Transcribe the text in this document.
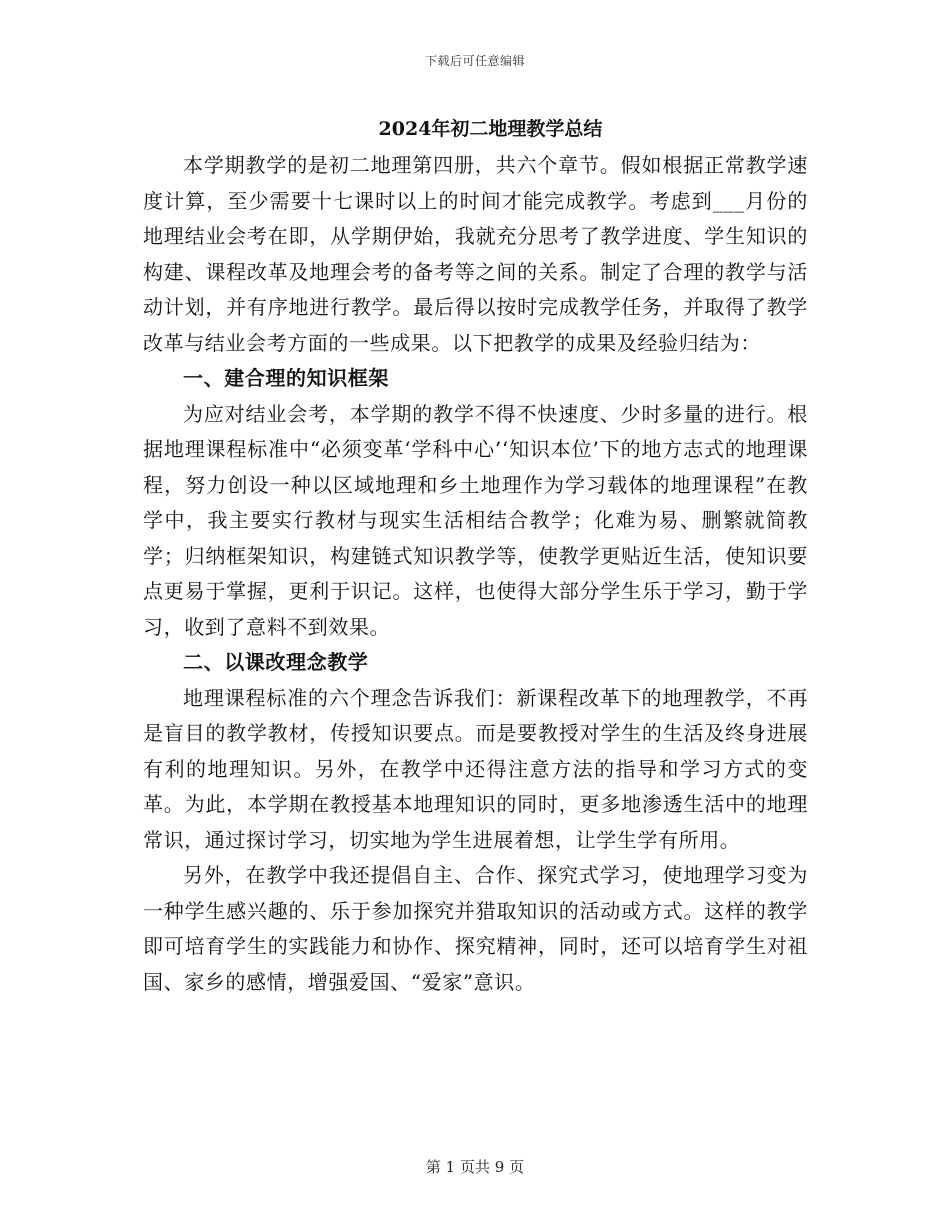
下载后可任意编辑
2024年初二地理教学总结

本学期教学的是初二地理第四册，共六个章节。假如根据正常教学速度计算，至少需要十七课时以上的时间才能完成教学。考虑到___月份的地理结业会考在即，从学期伊始，我就充分思考了教学进度、学生知识的构建、课程改革及地理会考的备考等之间的关系。制定了合理的教学与活动计划，并有序地进行教学。最后得以按时完成教学任务，并取得了教学改革与结业会考方面的一些成果。以下把教学的成果及经验归结为：

一、建合理的知识框架

为应对结业会考，本学期的教学不得不快速度、少时多量的进行。根据地理课程标准中“必须变革‘学科中心’‘知识本位’下的地方志式的地理课程，努力创设一种以区域地理和乡土地理作为学习载体的地理课程”在教学中，我主要实行教材与现实生活相结合教学；化难为易、删繁就简教学；归纳框架知识，构建链式知识教学等，使教学更贴近生活，使知识要点更易于掌握，更利于识记。这样，也使得大部分学生乐于学习，勤于学习，收到了意料不到效果。

二、以课改理念教学

地理课程标准的六个理念告诉我们：新课程改革下的地理教学，不再是盲目的教学教材，传授知识要点。而是要教授对学生的生活及终身进展有利的地理知识。另外，在教学中还得注意方法的指导和学习方式的变革。为此，本学期在教授基本地理知识的同时，更多地渗透生活中的地理常识，通过探讨学习，切实地为学生进展着想，让学生学有所用。

另外，在教学中我还提倡自主、合作、探究式学习，使地理学习变为一种学生感兴趣的、乐于参加探究并猎取知识的活动或方式。这样的教学即可培育学生的实践能力和协作、探究精神，同时，还可以培育学生对祖国、家乡的感情，增强爱国、“爱家”意识。

第 1 页共 9 页
